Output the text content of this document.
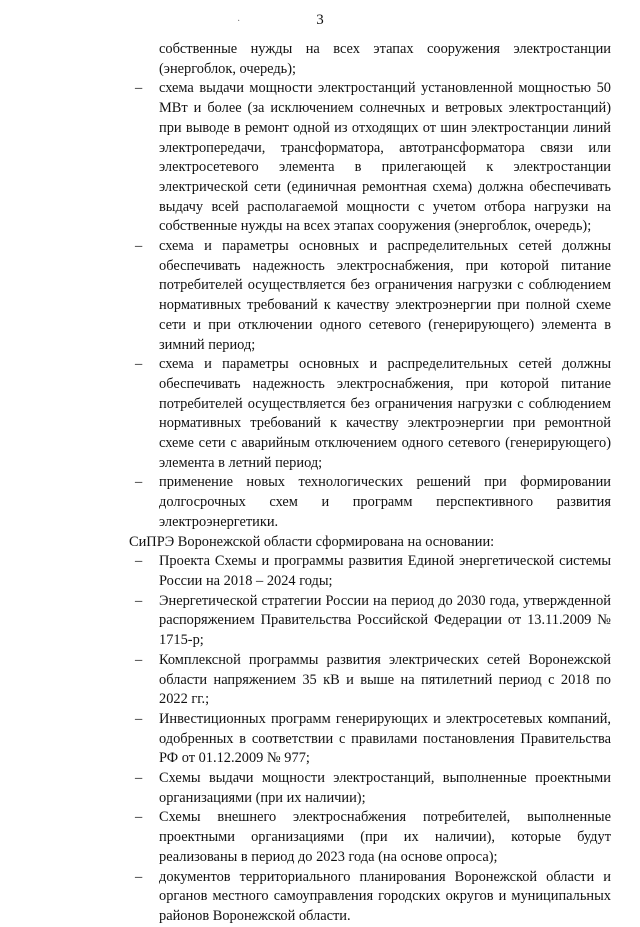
3
·
собственные нужды на всех этапах сооружения электростанции (энергоблок, очередь);
– схема выдачи мощности электростанций установленной мощностью 50 МВт и более (за исключением солнечных и ветровых электростанций) при выводе в ремонт одной из отходящих от шин электростанции линий электропередачи, трансформатора, автотрансформатора связи или электросетевого элемента в прилегающей к электростанции электрической сети (единичная ремонтная схема) должна обеспечивать выдачу всей располагаемой мощности с учетом отбора нагрузки на собственные нужды на всех этапах сооружения (энергоблок, очередь);
– схема и параметры основных и распределительных сетей должны обеспечивать надежность электроснабжения, при которой питание потребителей осуществляется без ограничения нагрузки с соблюдением нормативных требований к качеству электроэнергии при полной схеме сети и при отключении одного сетевого (генерирующего) элемента в зимний период;
– схема и параметры основных и распределительных сетей должны обеспечивать надежность электроснабжения, при которой питание потребителей осуществляется без ограничения нагрузки с соблюдением нормативных требований к качеству электроэнергии при ремонтной схеме сети с аварийным отключением одного сетевого (генерирующего) элемента в летний период;
– применение новых технологических решений при формировании долгосрочных схем и программ перспективного развития электроэнергетики.
СиПРЭ Воронежской области сформирована на основании:
– Проекта Схемы и программы развития Единой энергетической системы России на 2018 – 2024 годы;
– Энергетической стратегии России на период до 2030 года, утвержденной распоряжением Правительства Российской Федерации от 13.11.2009 № 1715-р;
– Комплексной программы развития электрических сетей Воронежской области напряжением 35 кВ и выше на пятилетний период с 2018 по 2022 гг.;
– Инвестиционных программ генерирующих и электросетевых компаний, одобренных в соответствии с правилами постановления Правительства РФ от 01.12.2009 № 977;
– Схемы выдачи мощности электростанций, выполненные проектными организациями (при их наличии);
– Схемы внешнего электроснабжения потребителей, выполненные проектными организациями (при их наличии), которые будут реализованы в период до 2023 года (на основе опроса);
– документов территориального планирования Воронежской области и органов местного самоуправления городских округов и муниципальных районов Воронежской области.
